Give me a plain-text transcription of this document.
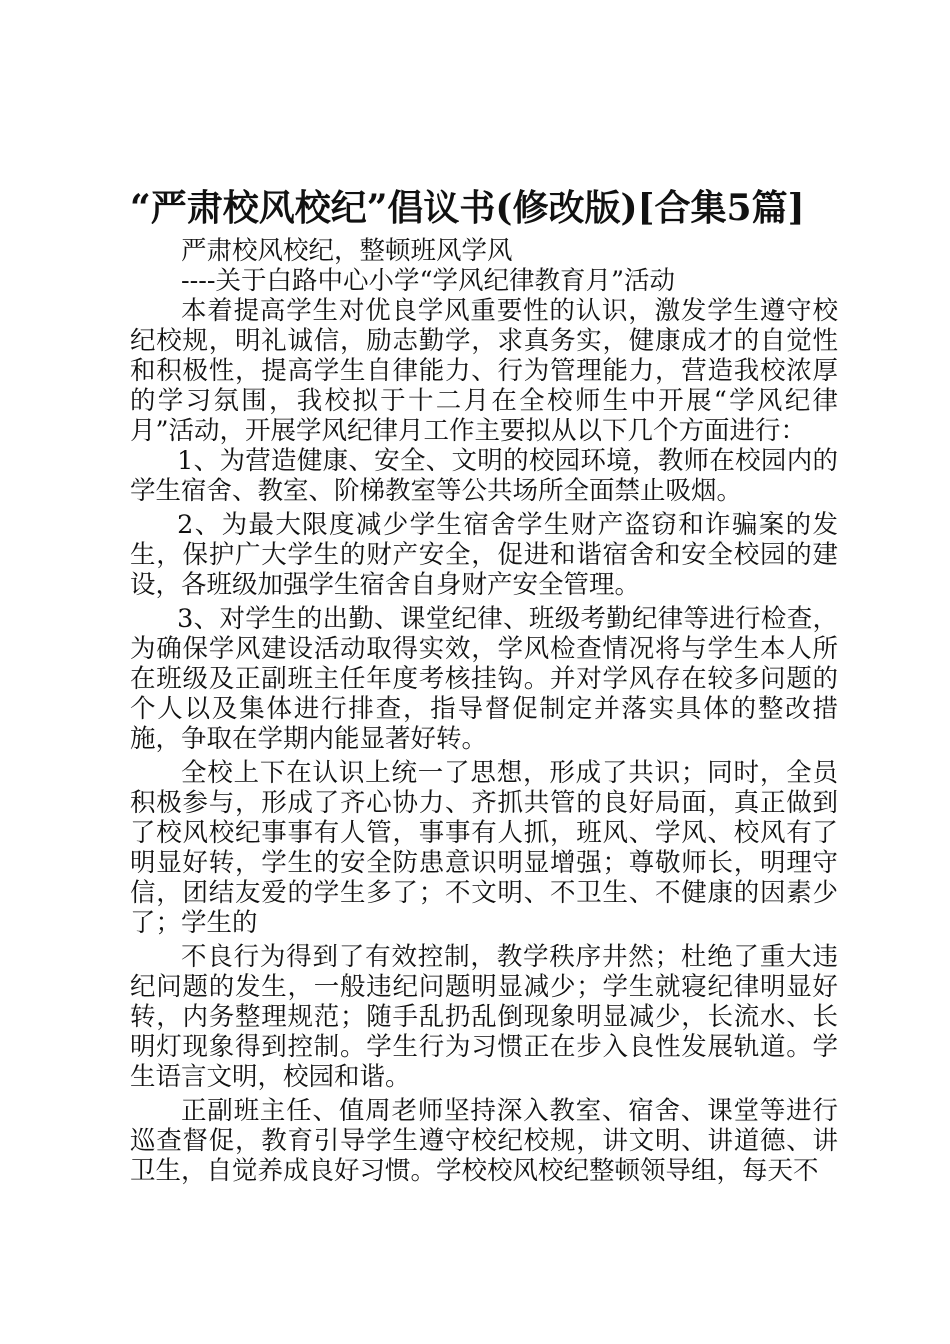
“严肃校风校纪”倡议书(修改版)[合集5篇]

严肃校风校纪，整顿班风学风

----关于白路中心小学“学风纪律教育月”活动

本着提高学生对优良学风重要性的认识，激发学生遵守校纪校规，明礼诚信，励志勤学，求真务实，健康成才的自觉性和积极性，提高学生自律能力、行为管理能力，营造我校浓厚的学习氛围，我校拟于十二月在全校师生中开展“学风纪律月”活动，开展学风纪律月工作主要拟从以下几个方面进行：

1、为营造健康、安全、文明的校园环境，教师在校园内的学生宿舍、教室、阶梯教室等公共场所全面禁止吸烟。

2、为最大限度减少学生宿舍学生财产盗窃和诈骗案的发生，保护广大学生的财产安全，促进和谐宿舍和安全校园的建设，各班级加强学生宿舍自身财产安全管理。

3、对学生的出勤、课堂纪律、班级考勤纪律等进行检查，为确保学风建设活动取得实效，学风检查情况将与学生本人所在班级及正副班主任年度考核挂钩。并对学风存在较多问题的个人以及集体进行排查，指导督促制定并落实具体的整改措施，争取在学期内能显著好转。

全校上下在认识上统一了思想，形成了共识；同时，全员积极参与，形成了齐心协力、齐抓共管的良好局面，真正做到了校风校纪事事有人管，事事有人抓，班风、学风、校风有了明显好转，学生的安全防患意识明显增强；尊敬师长，明理守信，团结友爱的学生多了；不文明、不卫生、不健康的因素少了；学生的

不良行为得到了有效控制，教学秩序井然；杜绝了重大违纪问题的发生，一般违纪问题明显减少；学生就寝纪律明显好转，内务整理规范；随手乱扔乱倒现象明显减少，长流水、长明灯现象得到控制。学生行为习惯正在步入良性发展轨道。学生语言文明，校园和谐。

正副班主任、值周老师坚持深入教室、宿舍、课堂等进行巡查督促，教育引导学生遵守校纪校规，讲文明、讲道德、讲卫生，自觉养成良好习惯。学校校风校纪整顿领导组，每天不
